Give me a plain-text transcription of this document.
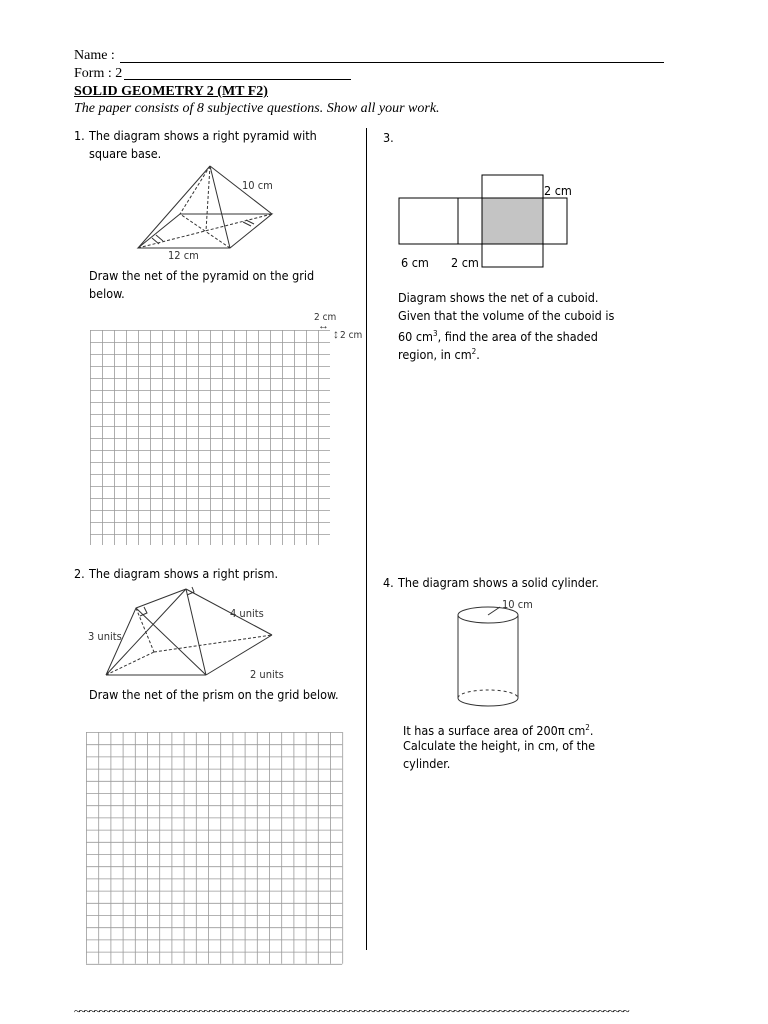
Name :
Form : 2
SOLID GEOMETRY 2 (MT F2)
The paper consists of 8 subjective questions. Show all your work.
1. The diagram shows a right pyramid with
square base.
10 cm
12 cm
Draw the net of the pyramid on the grid
below.
2 cm
↔
↕ 2 cm
2. The diagram shows a right prism.
3 units
4 units
2 units
Draw the net of the prism on the grid below.
3.
2 cm
6 cm 2 cm
Diagram shows the net of a cuboid.
Given that the volume of the cuboid is
60 $cm^3$, find the area of the shaded
region, in $cm^2$.
4. The diagram shows a solid cylinder.
10 cm
It has a surface area of 200π $cm^2$.
Calculate the height, in cm, of the
cylinder.
~~~~~~~~~~~~~~~~~~~~~~~~~~~~~~~~~~~~~~~~~~~~~~~~~~~~~~~~~~~~~~~~~~~~~~~~~~~~~~~~~~~~~~~~~~~~~~~~~~~~~~~~~~~~~~~
